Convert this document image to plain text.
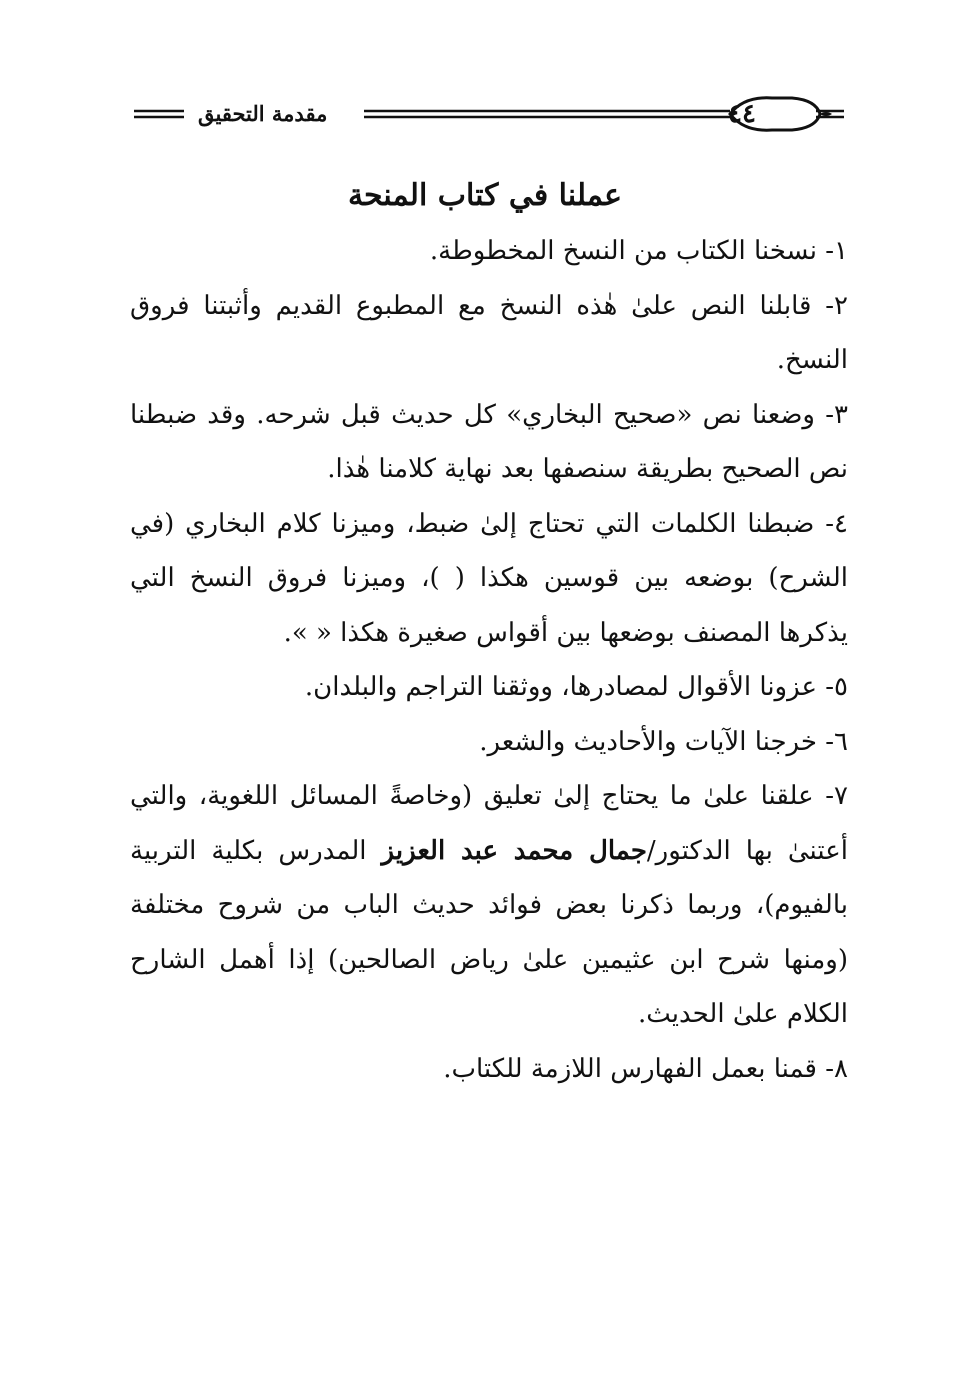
٤٤
مقدمة التحقيق
عملنا في كتاب المنحة

١- نسخنا الكتاب من النسخ المخطوطة.

٢- قابلنا النص علىٰ هٰذه النسخ مع المطبوع القديم وأثبتنا فروق النسخ.

٣- وضعنا نص «صحيح البخاري» كل حديث قبل شرحه. وقد ضبطنا نص الصحيح بطريقة سنصفها بعد نهاية كلامنا هٰذا.

٤- ضبطنا الكلمات التي تحتاج إلىٰ ضبط، وميزنا كلام البخاري (في الشرح) بوضعه بين قوسين هكذا ( )، وميزنا فروق النسخ التي يذكرها المصنف بوضعها بين أقواس صغيرة هكذا « ».

٥- عزونا الأقوال لمصادرها، ووثقنا التراجم والبلدان.

٦- خرجنا الآيات والأحاديث والشعر.

٧- علقنا علىٰ ما يحتاج إلىٰ تعليق (وخاصةً المسائل اللغوية، والتي أعتنىٰ بها الدكتور/جمال محمد عبد العزيز المدرس بكلية التربية بالفيوم)، وربما ذكرنا بعض فوائد حديث الباب من شروح مختلفة (ومنها شرح ابن عثيمين علىٰ رياض الصالحين) إذا أهمل الشارح الكلام علىٰ الحديث.

٨- قمنا بعمل الفهارس اللازمة للكتاب.
